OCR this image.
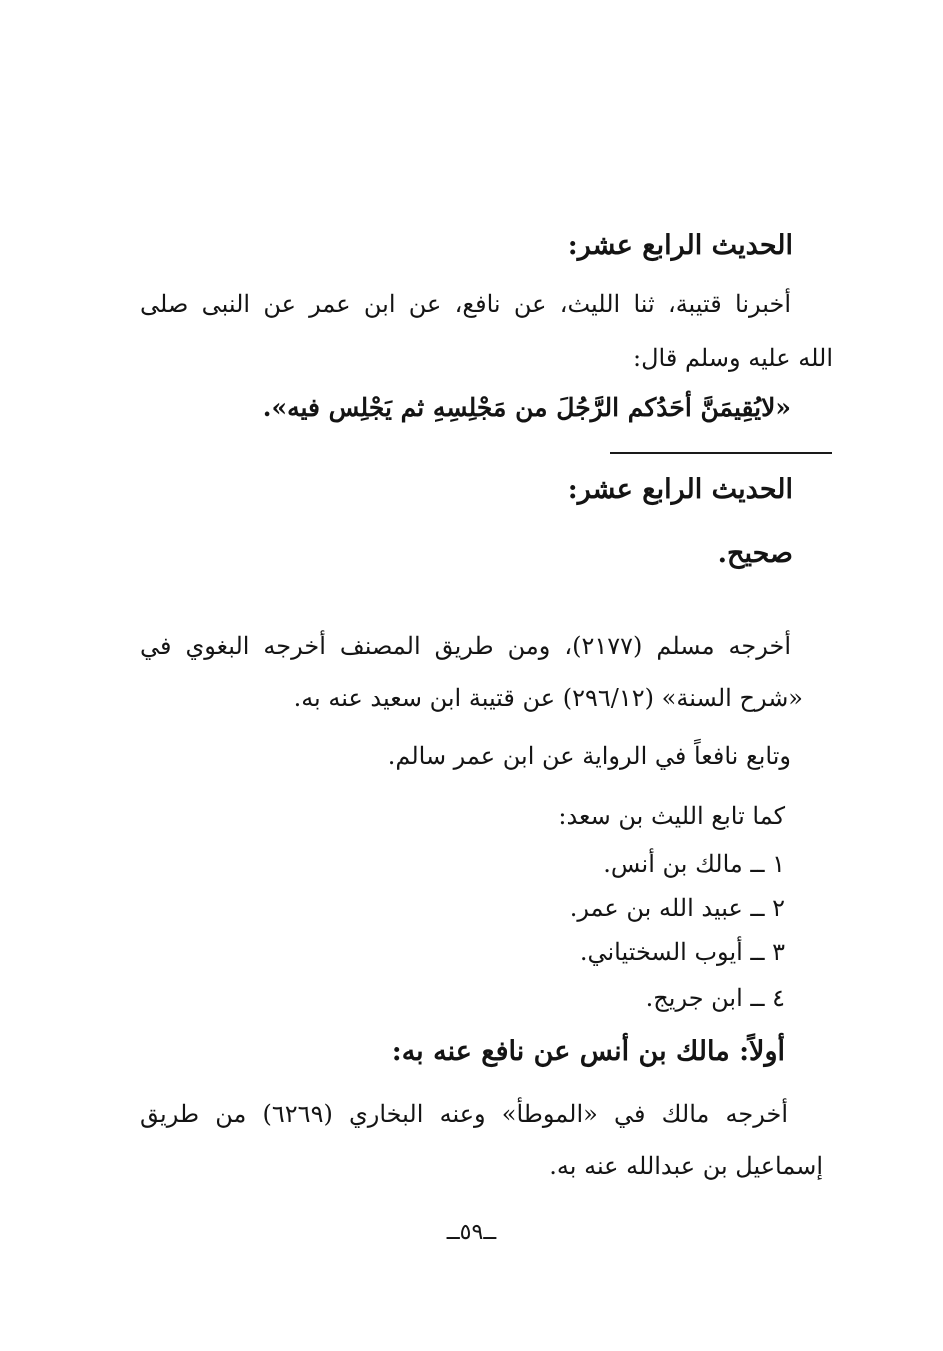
الحديث الرابع عشر:

أخبرنا قتيبة، ثنا الليث، عن نافع، عن ابن عمر عن النبى صلى

الله عليه وسلم قال:

«لايُقِيمَنَّ أحَدُكم الرَّجُلَ من مَجْلِسِهِ ثم يَجْلِس فيه».

الحديث الرابع عشر:

صحيح.

أخرجه مسلم (٢١٧٧)، ومن طريق المصنف أخرجه البغوي في

«شرح السنة» (٢٩٦/١٢) عن قتيبة ابن سعيد عنه به.

وتابع نافعاً في الرواية عن ابن عمر سالم.

كما تابع الليث بن سعد:

١ ــ مالك بن أنس.

٢ ــ عبيد الله بن عمر.

٣ ــ أيوب السختياني.

٤ ــ ابن جريج.

أولاً: مالك بن أنس عن نافع عنه به:

أخرجه مالك في «الموطأ» وعنه البخاري (٦٢٦٩) من طريق

إسماعيل بن عبدالله عنه به.

ــ٥٩ــ
